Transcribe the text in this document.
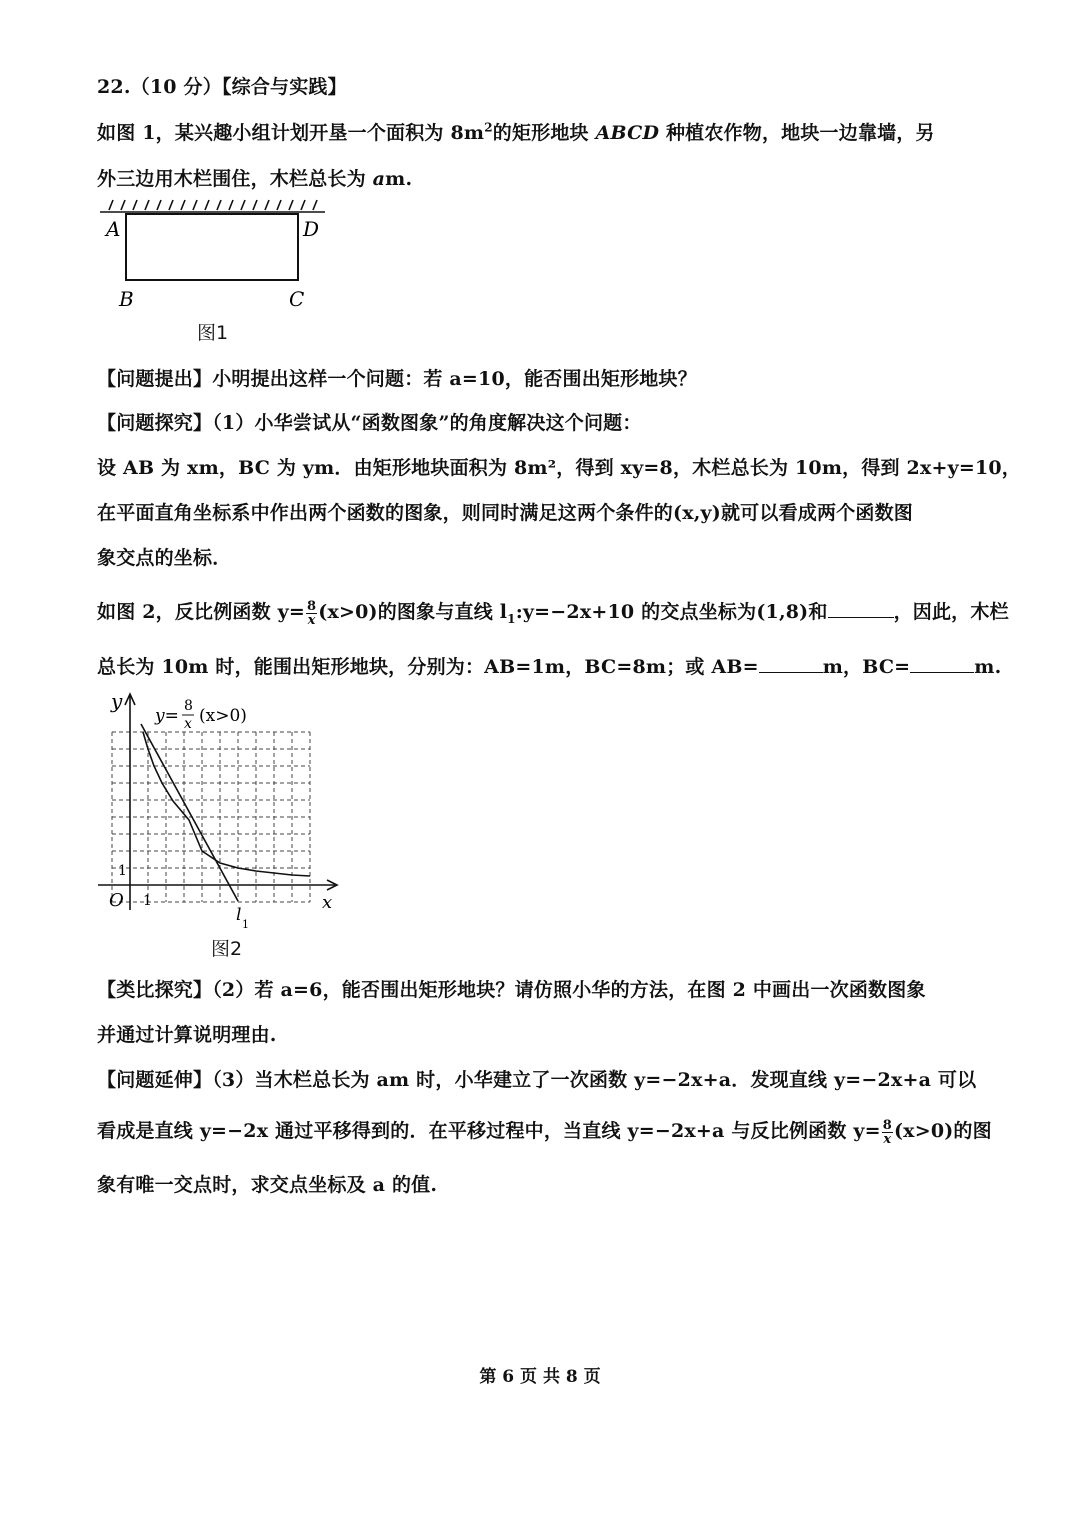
22.（10 分）【综合与实践】
如图 1，某兴趣小组计划开垦一个面积为 $8m^2$的矩形地块 ABCD 种植农作物，地块一边靠墙，另
外三边用木栏围住，木栏总长为 am.
A	D
B	C
图1
【问题提出】小明提出这样一个问题：若 a=10，能否围出矩形地块？
【问题探究】（1）小华尝试从“函数图象”的角度解决这个问题：
设 AB 为 xm，BC 为 ym．由矩形地块面积为 8m²，得到 xy=8，木栏总长为 10m，得到 2x+y=10，
在平面直角坐标系中作出两个函数的图象，则同时满足这两个条件的(x,y)就可以看成两个函数图
象交点的坐标．
如图 2，反比例函数 $y= \frac{8}{x} (x>0)$的图象与直线 $l_1:y=-2x+10$ 的交点坐标为(1,8)和	，因此，木栏
总长为 10m 时，能围出矩形地块，分别为：AB=1m，BC=8m；或 AB=	m，BC=	m.
y
x
O 1
1
y= 8
x (x>0)
l 1
图2
【类比探究】（2）若 a=6，能否围出矩形地块？请仿照小华的方法，在图 2 中画出一次函数图象
并通过计算说明理由.
【问题延伸】（3）当木栏总长为 am 时，小华建立了一次函数 y=−2x+a．发现直线 y=−2x+a 可以
看成是直线 y=−2x 通过平移得到的．在平移过程中，当直线 y=−2x+a 与反比例函数 $y= \frac{8}{x} (x>0)$的图
象有唯一交点时，求交点坐标及 a 的值.
第 6 页 共 8 页
